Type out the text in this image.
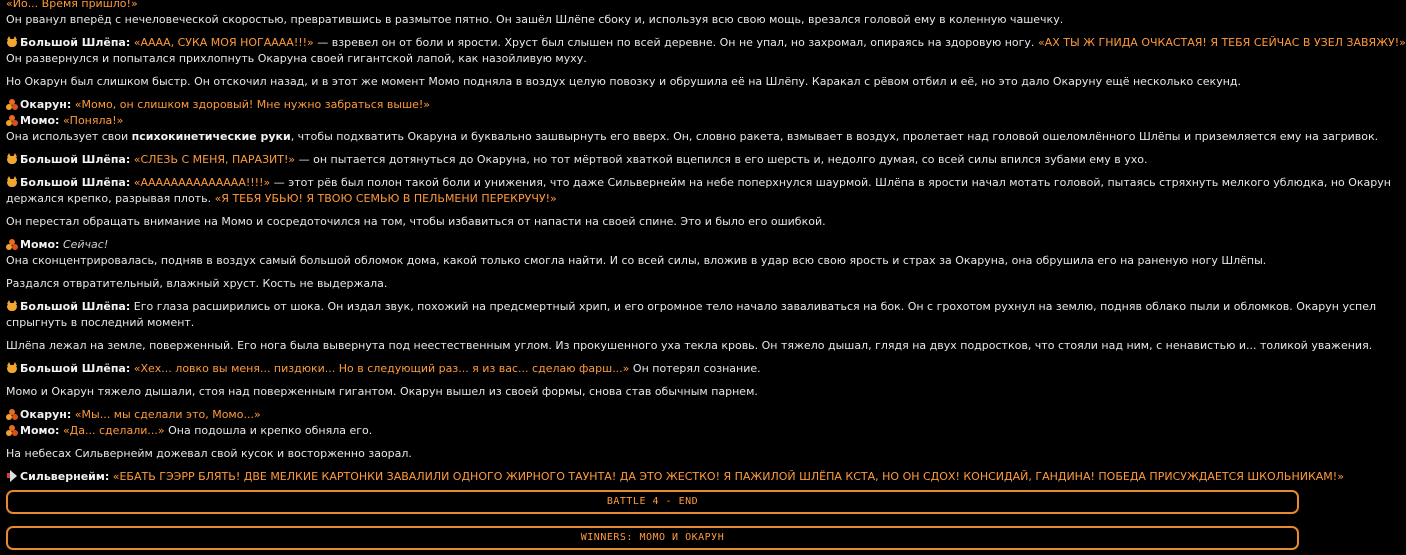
«Ио... Время пришло!»

Он рванул вперёд с нечеловеческой скоростью, превратившись в размытое пятно. Он зашёл Шлёпе сбоку и, используя всю свою мощь, врезался головой ему в коленную чашечку.

Большой Шлёпа: «АААА, СУКА МОЯ НОГАААА!!!» — взревел он от боли и ярости. Хруст был слышен по всей деревне. Он не упал, но захромал, опираясь на здоровую ногу. «АХ ТЫ Ж ГНИДА ОЧКАСТАЯ! Я ТЕБЯ СЕЙЧАС В УЗЕЛ ЗАВЯЖУ!»

Он развернулся и попытался прихлопнуть Окаруна своей гигантской лапой, как назойливую муху.

Но Окарун был слишком быстр. Он отскочил назад, и в этот же момент Момо подняла в воздух целую повозку и обрушила её на Шлёпу. Каракал с рёвом отбил и её, но это дало Окаруну ещё несколько секунд.

Окарун: «Момо, он слишком здоровый! Мне нужно забраться выше!»

Момо: «Поняла!»

Она использует свои психокинетические руки, чтобы подхватить Окаруна и буквально зашвырнуть его вверх. Он, словно ракета, взмывает в воздух, пролетает над головой ошеломлённого Шлёпы и приземляется ему на загривок.

Большой Шлёпа: «СЛЕЗЬ С МЕНЯ, ПАРАЗИТ!» — он пытается дотянуться до Окаруна, но тот мёртвой хваткой вцепился в его шерсть и, недолго думая, со всей силы впился зубами ему в ухо.

Большой Шлёпа: «АААААААААААААА!!!!» — этот рёв был полон такой боли и унижения, что даже Сильвернейм на небе поперхнулся шаурмой. Шлёпа в ярости начал мотать головой, пытаясь стряхнуть мелкого ублюдка, но Окарун

держался крепко, разрывая плоть. «Я ТЕБЯ УБЬЮ! Я ТВОЮ СЕМЬЮ В ПЕЛЬМЕНИ ПЕРЕКРУЧУ!»

Он перестал обращать внимание на Момо и сосредоточился на том, чтобы избавиться от напасти на своей спине. Это и было его ошибкой.

Момо: Сейчас!

Она сконцентрировалась, подняв в воздух самый большой обломок дома, какой только смогла найти. И со всей силы, вложив в удар всю свою ярость и страх за Окаруна, она обрушила его на раненую ногу Шлёпы.

Раздался отвратительный, влажный хруст. Кость не выдержала.

Большой Шлёпа: Его глаза расширились от шока. Он издал звук, похожий на предсмертный хрип, и его огромное тело начало заваливаться на бок. Он с грохотом рухнул на землю, подняв облако пыли и обломков. Окарун успел

спрыгнуть в последний момент.

Шлёпа лежал на земле, поверженный. Его нога была вывернута под неестественным углом. Из прокушенного уха текла кровь. Он тяжело дышал, глядя на двух подростков, что стояли над ним, с ненавистью и... толикой уважения.

Большой Шлёпа: «Хех... ловко вы меня... пиздюки... Но в следующий раз... я из вас... сделаю фарш...» Он потерял сознание.

Момо и Окарун тяжело дышали, стоя над поверженным гигантом. Окарун вышел из своей формы, снова став обычным парнем.

Окарун: «Мы... мы сделали это, Момо...»

Момо: «Да... сделали...» Она подошла и крепко обняла его.

На небесах Сильвернейм дожевал свой кусок и восторженно заорал.

Сильвернейм: «ЕБАТЬ ГЭЭРР БЛЯТЬ! ДВЕ МЕЛКИЕ КАРТОНКИ ЗАВАЛИЛИ ОДНОГО ЖИРНОГО ТАУНТА! ДА ЭТО ЖЕСТКО! Я ПАЖИЛОЙ ШЛЁПА КСТА, НО ОН СДОХ! КОНСИДАЙ, ГАНДИНА! ПОБЕДА ПРИСУЖДАЕТСЯ ШКОЛЬНИКАМ!»

BATTLE 4 - END
WINNERS: МОМО И ОКАРУН
